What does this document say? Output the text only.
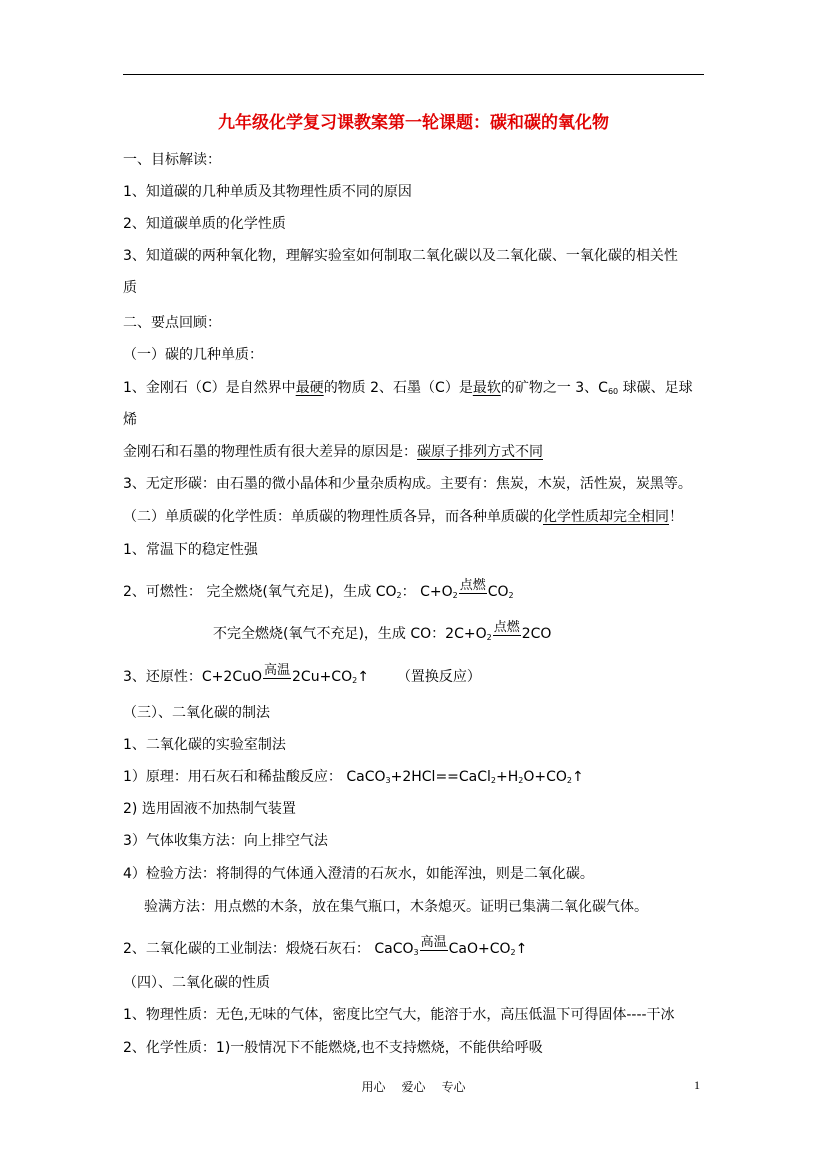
九年级化学复习课教案第一轮课题：碳和碳的氧化物
一、目标解读：
1、知道碳的几种单质及其物理性质不同的原因
2、知道碳单质的化学性质
3、知道碳的两种氧化物，理解实验室如何制取二氧化碳以及二氧化碳、一氧化碳的相关性
质
二、要点回顾：
（一）碳的几种单质：
1、金刚石（C）是自然界中最硬的物质 2、石墨（C）是最软的矿物之一 3、$C_{60}$ 球碳、足球
烯
金刚石和石墨的物理性质有很大差异的原因是：碳原子排列方式不同
3、无定形碳：由石墨的微小晶体和少量杂质构成。主要有：焦炭，木炭，活性炭，炭黑等。
（二）单质碳的化学性质：单质碳的物理性质各异，而各种单质碳的化学性质却完全相同！
1、常温下的稳定性强
2、可燃性： 完全燃烧(氧气充足)，生成 $CO_2$： $C+O_2$
点燃 $CO_2$
不完全燃烧(氧气不充足)，生成 CO：$2C+O_2$
点燃 2CO
3、还原性：C+2CuO 高温 $2Cu+CO_2↑$ （置换反应）
（三）、二氧化碳的制法
1、二氧化碳的实验室制法
1）原理：用石灰石和稀盐酸反应： $CaCO_3+2HCl==CaCl_2+H_2O+CO_2↑$
2) 选用固液不加热制气装置
3）气体收集方法：向上排空气法
4）检验方法：将制得的气体通入澄清的石灰水，如能浑浊，则是二氧化碳。
验满方法：用点燃的木条，放在集气瓶口，木条熄灭。证明已集满二氧化碳气体。
2、二氧化碳的工业制法：煅烧石灰石： CaCO$_3$
高温 $CaO+CO_2↑$
（四）、二氧化碳的性质
1、物理性质：无色,无味的气体，密度比空气大，能溶于水，高压低温下可得固体----干冰
2、化学性质：1)一般情况下不能燃烧,也不支持燃烧，不能供给呼吸
用心 爱心 专心	1
